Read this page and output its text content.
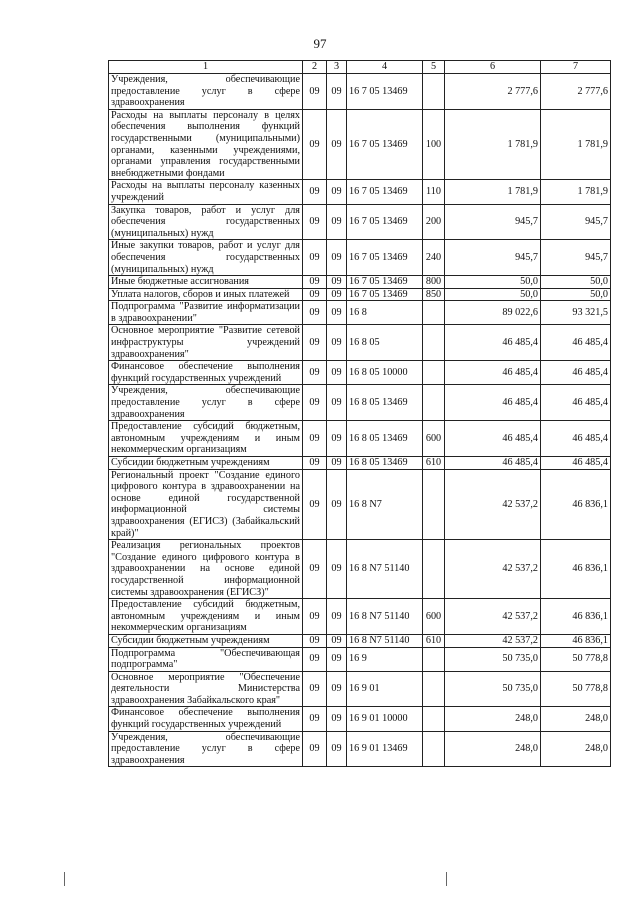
97
1	2	3	4	5	6	7
Учреждения, обеспечивающие предоставление услуг в сфере здравоохранения	09	09	16 7 05 13469		2 777,6	2 777,6
Расходы на выплаты персоналу в целях обеспечения выполнения функций государственными (муниципальными) органами, казенными учреждениями, органами управления государственными внебюджетными фондами	09	09	16 7 05 13469	100	1 781,9	1 781,9
Расходы на выплаты персоналу казенных учреждений	09	09	16 7 05 13469	110	1 781,9	1 781,9
Закупка товаров, работ и услуг для обеспечения государственных (муниципальных) нужд	09	09	16 7 05 13469	200	945,7	945,7
Иные закупки товаров, работ и услуг для обеспечения государственных (муниципальных) нужд	09	09	16 7 05 13469	240	945,7	945,7
Иные бюджетные ассигнования	09	09	16 7 05 13469	800	50,0	50,0
Уплата налогов, сборов и иных платежей	09	09	16 7 05 13469	850	50,0	50,0
Подпрограмма "Развитие информатизации в здравоохранении"	09	09	16 8		89 022,6	93 321,5
Основное мероприятие "Развитие сетевой инфраструктуры учреждений здравоохранения"	09	09	16 8 05		46 485,4	46 485,4
Финансовое обеспечение выполнения функций государственных учреждений	09	09	16 8 05 10000		46 485,4	46 485,4
Учреждения, обеспечивающие предоставление услуг в сфере здравоохранения	09	09	16 8 05 13469		46 485,4	46 485,4
Предоставление субсидий бюджетным, автономным учреждениям и иным некоммерческим организациям	09	09	16 8 05 13469	600	46 485,4	46 485,4
Субсидии бюджетным учреждениям	09	09	16 8 05 13469	610	46 485,4	46 485,4
Региональный проект "Создание единого цифрового контура в здравоохранении на основе единой государственной информационной системы здравоохранения (ЕГИСЗ) (Забайкальский край)"	09	09	16 8 N7		42 537,2	46 836,1
Реализация региональных проектов "Создание единого цифрового контура в здравоохранении на основе единой государственной информационной системы здравоохранения (ЕГИСЗ)"	09	09	16 8 N7 51140		42 537,2	46 836,1
Предоставление субсидий бюджетным, автономным учреждениям и иным некоммерческим организациям	09	09	16 8 N7 51140	600	42 537,2	46 836,1
Субсидии бюджетным учреждениям	09	09	16 8 N7 51140	610	42 537,2	46 836,1
Подпрограмма "Обеспечивающая подпрограмма"	09	09	16 9		50 735,0	50 778,8
Основное мероприятие "Обеспечение деятельности Министерства здравоохранения Забайкальского края"	09	09	16 9 01		50 735,0	50 778,8
Финансовое обеспечение выполнения функций государственных учреждений	09	09	16 9 01 10000		248,0	248,0
Учреждения, обеспечивающие предоставление услуг в сфере здравоохранения	09	09	16 9 01 13469		248,0	248,0
